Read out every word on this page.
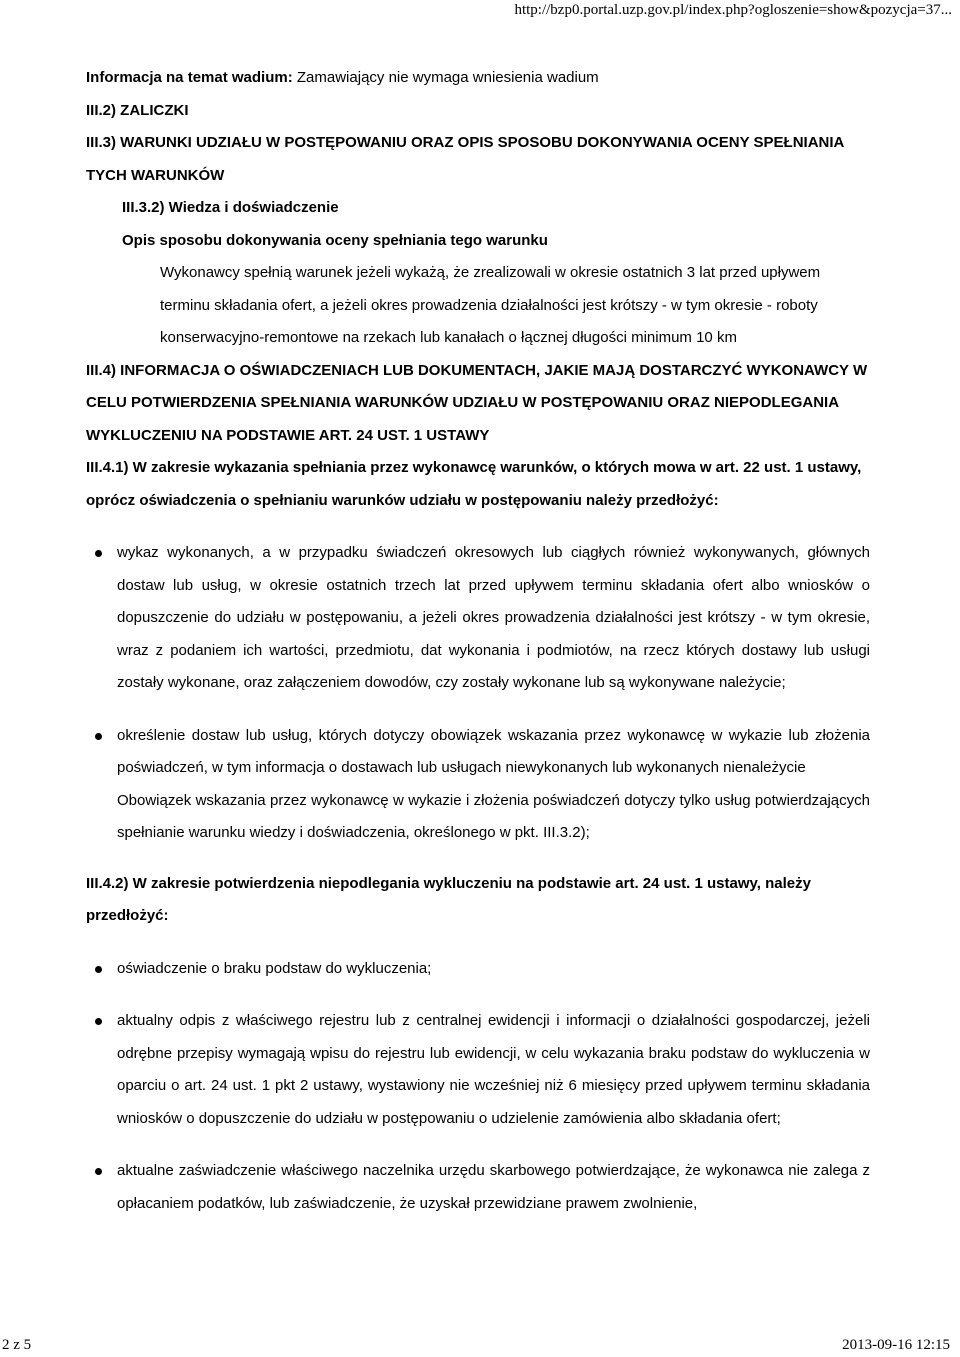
http://bzp0.portal.uzp.gov.pl/index.php?ogloszenie=show&pozycja=37...

Informacja na temat wadium: Zamawiający nie wymaga wniesienia wadium

III.2) ZALICZKI

III.3) WARUNKI UDZIAŁU W POSTĘPOWANIU ORAZ OPIS SPOSOBU DOKONYWANIA OCENY SPEŁNIANIA TYCH WARUNKÓW

III.3.2) Wiedza i doświadczenie

Opis sposobu dokonywania oceny spełniania tego warunku

Wykonawcy spełnią warunek jeżeli wykażą, że zrealizowali w okresie ostatnich 3 lat przed upływem terminu składania ofert, a jeżeli okres prowadzenia działalności jest krótszy - w tym okresie - roboty konserwacyjno-remontowe na rzekach lub kanałach o łącznej długości minimum 10 km

III.4) INFORMACJA O OŚWIADCZENIACH LUB DOKUMENTACH, JAKIE MAJĄ DOSTARCZYĆ WYKONAWCY W CELU POTWIERDZENIA SPEŁNIANIA WARUNKÓW UDZIAŁU W POSTĘPOWANIU ORAZ NIEPODLEGANIA WYKLUCZENIU NA PODSTAWIE ART. 24 UST. 1 USTAWY

III.4.1) W zakresie wykazania spełniania przez wykonawcę warunków, o których mowa w art. 22 ust. 1 ustawy, oprócz oświadczenia o spełnianiu warunków udziału w postępowaniu należy przedłożyć:

wykaz wykonanych, a w przypadku świadczeń okresowych lub ciągłych również wykonywanych, głównych dostaw lub usług, w okresie ostatnich trzech lat przed upływem terminu składania ofert albo wniosków o dopuszczenie do udziału w postępowaniu, a jeżeli okres prowadzenia działalności jest krótszy - w tym okresie, wraz z podaniem ich wartości, przedmiotu, dat wykonania i podmiotów, na rzecz których dostawy lub usługi zostały wykonane, oraz załączeniem dowodów, czy zostały wykonane lub są wykonywane należycie;
określenie dostaw lub usług, których dotyczy obowiązek wskazania przez wykonawcę w wykazie lub złożenia poświadczeń, w tym informacja o dostawach lub usługach niewykonanych lub wykonanych nienależycie

Obowiązek wskazania przez wykonawcę w wykazie i złożenia poświadczeń dotyczy tylko usług potwierdzających spełnianie warunku wiedzy i doświadczenia, określonego w pkt. III.3.2);

III.4.2) W zakresie potwierdzenia niepodlegania wykluczeniu na podstawie art. 24 ust. 1 ustawy, należy przedłożyć:

oświadczenie o braku podstaw do wykluczenia;
aktualny odpis z właściwego rejestru lub z centralnej ewidencji i informacji o działalności gospodarczej, jeżeli odrębne przepisy wymagają wpisu do rejestru lub ewidencji, w celu wykazania braku podstaw do wykluczenia w oparciu o art. 24 ust. 1 pkt 2 ustawy, wystawiony nie wcześniej niż 6 miesięcy przed upływem terminu składania wniosków o dopuszczenie do udziału w postępowaniu o udzielenie zamówienia albo składania ofert;
aktualne zaświadczenie właściwego naczelnika urzędu skarbowego potwierdzające, że wykonawca nie zalega z opłacaniem podatków, lub zaświadczenie, że uzyskał przewidziane prawem zwolnienie,
2 z 5	2013-09-16 12:15
